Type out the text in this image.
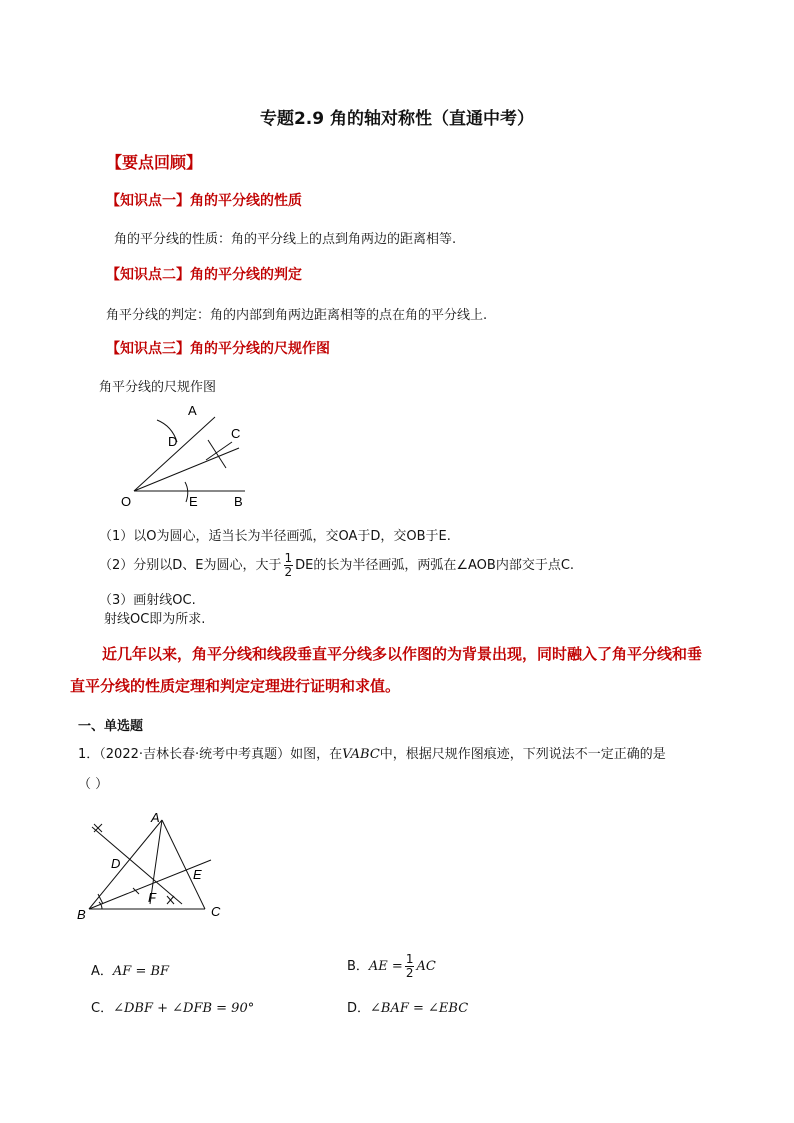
专题2.9 角的轴对称性（直通中考）
【要点回顾】
【知识点一】角的平分线的性质
角的平分线的性质：角的平分线上的点到角两边的距离相等.
【知识点二】角的平分线的判定
角平分线的判定：角的内部到角两边距离相等的点在角的平分线上.
【知识点三】角的平分线的尺规作图
角平分线的尺规作图
A
C
D
O	E	B
（1）以O为圆心，适当长为半径画弧，交OA于D，交OB于E.
（2）分别以D、E为圆心，大于 $\frac{1}{2}$ DE的长为半径画弧，两弧在∠AOB内部交于点C.
（3）画射线OC.
射线OC即为所求.
近几年以来，角平分线和线段垂直平分线多以作图的为背景出现，同时融入了角平分线和垂直平分线的性质定理和判定定理进行证明和求值。
一、单选题
1．（2022·吉林长春·统考中考真题）如图，在VABC中，根据尺规作图痕迹，下列说法不一定正确的是
（ ）
A
B	C
D
E
F
A．AF = BF	B．AE = $\frac{1}{2}$ AC
C．∠DBF + ∠DFB = 90°	D．∠BAF = ∠EBC
